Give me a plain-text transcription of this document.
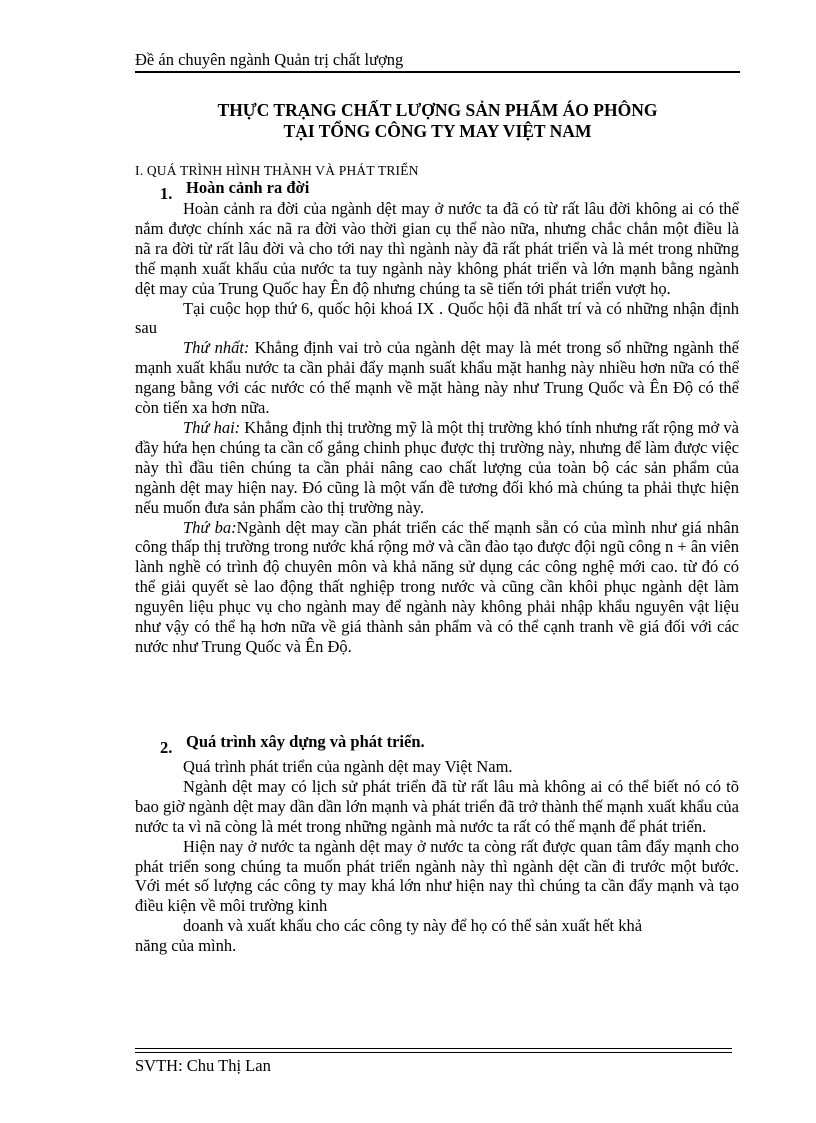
Đề án chuyên ngành Quản trị chất lượng
THỰC TRẠNG CHẤT LƯỢNG SẢN PHẨM ÁO PHÔNG
TẠI TỔNG CÔNG TY MAY VIỆT NAM
I. QUÁ TRÌNH HÌNH THÀNH VÀ PHÁT TRIỂN
1. Hoàn cảnh ra đời

Hoàn cảnh ra đời của ngành dệt may ở nước ta đã có từ rất lâu đời không ai có thể nắm được chính xác nã ra đời vào thời gian cụ thể nào nữa, nhưng chắc chắn một điều là nã ra đời từ rất lâu đời và cho tới nay thì ngành này đã rất phát triển và là mét trong những thế mạnh xuất khẩu của nước ta tuy ngành này không phát triển và lớn mạnh bằng ngành dệt may của Trung Quốc hay Ên độ nhưng chúng ta sẽ tiến tới phát triển vượt họ.

Tại cuộc họp thứ 6, quốc hội khoá IX . Quốc hội đã nhất trí và có những nhận định sau

Thứ nhất: Khẳng định vai trò của ngành dệt may là mét trong số những ngành thế mạnh xuất khẩu nước ta cần phải đẩy mạnh suất khẩu mặt hanhg này nhiều hơn nữa có thể ngang bằng với các nước có thế mạnh về mặt hàng này như Trung Quốc và Ên Độ có thể còn tiến xa hơn nữa.

Thứ hai: Khẳng định thị trường mỹ là một thị trường khó tính nhưng rất rộng mở và đầy hứa hẹn chúng ta cần cố gắng chinh phục được thị trường này, nhưng để làm được việc này thì đầu tiên chúng ta cần phải nâng cao chất lượng của toàn bộ các sản phẩm của ngành dệt may hiện nay. Đó cũng là một vấn đề tương đối khó mà chúng ta phải thực hiện nếu muốn đưa sản phẩm cào thị trường này.

Thứ ba:Ngành dệt may cần phát triển các thế mạnh sẵn có của mình như giá nhân công thấp thị trường trong nước khá rộng mở và cần đào tạo được đội ngũ công n + ân viên lành nghề có trình độ chuyên môn và khả năng sử dụng các công nghệ mới cao. từ đó có thể giải quyết sè lao động thất nghiệp trong nước và cũng cần khôi phục ngành dệt làm nguyên liệu phục vụ cho ngành may để ngành này không phải nhập khẩu nguyên vật liệu như vậy có thể hạ hơn nữa về giá thành sản phẩm và có thể cạnh tranh về giá đối với các nước như Trung Quốc và Ên Độ.

2. Quá trình xây dựng và phát triển.

Quá trình phát triển của ngành dệt may Việt Nam.

Ngành dệt may có lịch sử phát triển đã từ rất lâu mà không ai có thể biết nó có tõ bao giờ ngành dệt may dần dần lớn mạnh và phát triển đã trở thành thế mạnh xuất khẩu của nước ta vì nã còng là mét trong những ngành mà nước ta rất có thế mạnh để phát triển.

Hiện nay ở nước ta ngành dệt may ở nước ta còng rất được quan tâm đẩy mạnh cho phát triển song chúng ta muốn phát triển ngành này thì ngành dệt cần đi trước một bước. Với mét số lượng các công ty may khá lớn như hiện nay thì chúng ta cần đẩy mạnh và tạo điều kiện về môi trường kinh

doanh và xuất khẩu cho các công ty này để họ có thể sản xuất hết khả

năng của mình.

SVTH: Chu Thị Lan
